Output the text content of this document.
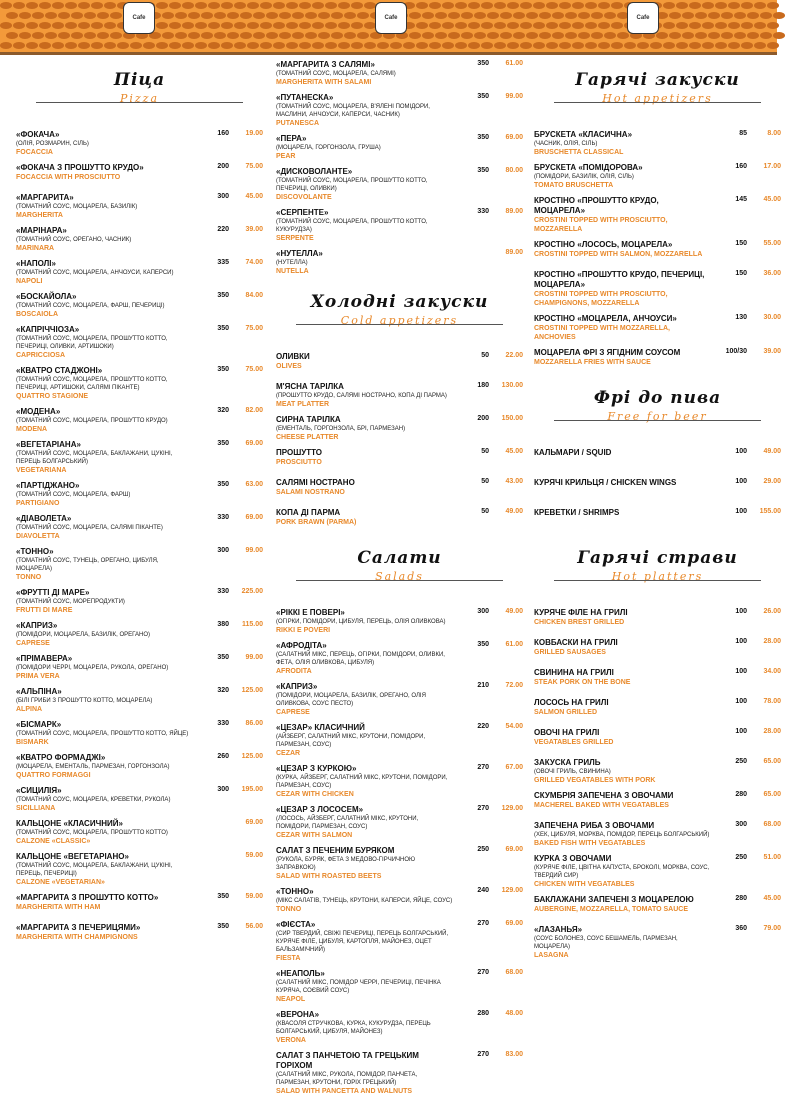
Cafe	Cafe	Cafe
Піца
Pizza
«ФОКАЧА»
(ОЛІЯ, РОЗМАРИН, СІЛЬ)
FOCACCIA
160	19.00
«ФОКАЧА З ПРОШУТТО КРУДО»
FOCACCIA WITH PROSCIUTTO
200	75.00
«МАРГАРИТА»
(ТОМАТНИЙ СОУС, МОЦАРЕЛА, БАЗИЛІК)
MARGHERITA
300	45.00
«МАРІНАРА»
(ТОМАТНИЙ СОУС, ОРЕГАНО, ЧАСНИК)
MARINARA
220	39.00
«НАПОЛІ»
(ТОМАТНИЙ СОУС, МОЦАРЕЛА, АНЧОУСИ, КАПЕРСИ)
NAPOLI
335	74.00
«БОСКАЙОЛА»
(ТОМАТНИЙ СОУС, МОЦАРЕЛА, ФАРШ, ПЕЧЕРИЦІ)
BOSCAIOLA
350	84.00
«КАПРІЧЧІОЗА»
(ТОМАТНИЙ СОУС, МОЦАРЕЛА, ПРОШУТТО КОТТО, ПЕЧЕРИЦІ, ОЛИВКИ, АРТИШОКИ)
CAPRICCIOSA
350	75.00
«КВАТРО СТАДЖОНІ»
(ТОМАТНИЙ СОУС, МОЦАРЕЛА, ПРОШУТТО КОТТО, ПЕЧЕРИЦІ, АРТИШОКИ, САЛЯМІ ПІКАНТЕ)
QUATTRO STAGIONE
350	75.00
«МОДЕНА»
(ТОМАТНИЙ СОУС, МОЦАРЕЛА, ПРОШУТТО КРУДО)
MODENA
320	82.00
«ВЕГЕТАРІАНА»
(ТОМАТНИЙ СОУС, МОЦАРЕЛА, БАКЛАЖАНИ, ЦУКІНІ, ПЕРЕЦЬ БОЛГАРСЬКИЙ)
VEGETARIANA
350	69.00
«ПАРТІДЖАНО»
(ТОМАТНИЙ СОУС, МОЦАРЕЛА, ФАРШ)
PARTIGIANO
350	63.00
«ДІАВОЛЕТА»
(ТОМАТНИЙ СОУС, МОЦАРЕЛА, САЛЯМІ ПІКАНТЕ)
DIAVOLETTA
330	69.00
«ТОННО»
(ТОМАТНИЙ СОУС, ТУНЕЦЬ, ОРЕГАНО, ЦИБУЛЯ, МОЦАРЕЛА)
TONNO
300	99.00
«ФРУТТІ ДІ МАРЕ»
(ТОМАТНИЙ СОУС, МОРЕПРОДУКТИ)
FRUTTI DI MARE
330	225.00
«КАПРИЗ»
(ПОМІДОРИ, МОЦАРЕЛА, БАЗИЛІК, ОРЕГАНО)
CAPRESE
380	115.00
«ПРІМАВЕРА»
(ПОМІДОРИ ЧЕРРІ, МОЦАРЕЛА, РУКОЛА, ОРЕГАНО)
PRIMA VERA
350	99.00
«АЛЬПІНА»
(БІЛІ ГРИБИ З ПРОШУТТО КОТТО, МОЦАРЕЛА)
ALPINA
320	125.00
«БІСМАРК»
(ТОМАТНИЙ СОУС, МОЦАРЕЛА, ПРОШУТТО КОТТО, ЯЙЦЕ)
BISMARK
330	86.00
«КВАТРО ФОРМАДЖІ»
(МОЦАРЕЛА, ЕМЕНТАЛЬ, ПАРМЕЗАН, ГОРГОНЗОЛА)
QUATTRO FORMAGGI
260	125.00
«СИЦИЛІЯ»
(ТОМАТНИЙ СОУС, МОЦАРЕЛА, КРЕВЕТКИ, РУКОЛА)
SICILLIANA
300	195.00
КАЛЬЦОНЕ «КЛАСИЧНИЙ»
(ТОМАТНИЙ СОУС, МОЦАРЕЛА, ПРОШУТТО КОТТО)
CALZONE «CLASSIC»
69.00
КАЛЬЦОНЕ «ВЕГЕТАРІАНО»
(ТОМАТНИЙ СОУС, МОЦАРЕЛА, БАКЛАЖАНИ, ЦУКІНІ, ПЕРЕЦЬ, ПЕЧЕРИЦІ)
CALZONE «VEGETARIAN»
59.00
«МАРГАРИТА З ПРОШУТТО КОТТО»
MARGHERITA WITH HAM
350	59.00
«МАРГАРИТА З ПЕЧЕРИЦЯМИ»
MARGHERITA WITH CHAMPIGNONS
350	56.00
«МАРГАРИТА З САЛЯМІ»
(ТОМАТНИЙ СОУС, МОЦАРЕЛА, САЛЯМІ)
MARGHERITA WITH SALAMI
350	61.00
«ПУТАНЕСКА»
(ТОМАТНИЙ СОУС, МОЦАРЕЛА, В'ЯЛЕНІ ПОМІДОРИ, МАСЛИНИ, АНЧОУСИ, КАПЕРСИ, ЧАСНИК)
PUTANESCA
350	99.00
«ПЕРА»
(МОЦАРЕЛА, ГОРГОНЗОЛА, ГРУША)
PEAR
350	69.00
«ДИСКОВОЛАНТЕ»
(ТОМАТНИЙ СОУС, МОЦАРЕЛА, ПРОШУТТО КОТТО, ПЕЧЕРИЦІ, ОЛИВКИ)
DISCOVOLANTE
350	80.00
«СЕРПЕНТЕ»
(ТОМАТНИЙ СОУС, МОЦАРЕЛА, ПРОШУТТО КОТТО, КУКУРУДЗА)
SERPENTE
330	89.00
«НУТЕЛЛА»
(НУТЕЛЛА)
NUTELLA
89.00
Холодні закуски
Cold appetizers
ОЛИВКИ
OLIVES
50	22.00
М'ЯСНА ТАРІЛКА
(ПРОШУТТО КРУДО, САЛЯМІ НОСТРАНО, КОПА ДІ ПАРМА)
MEAT PLATTER
180	130.00
СИРНА ТАРІЛКА
(ЕМЕНТАЛЬ, ГОРГОНЗОЛА, БРІ, ПАРМЕЗАН)
CHEESE PLATTER
200	150.00
ПРОШУТТО
PROSCIUTTO
50	45.00
САЛЯМІ НОСТРАНО
SALAMI NOSTRANO
50	43.00
КОПА ДІ ПАРМА
PORK BRAWN (PARMA)
50	49.00
Салати
Salads
«РІККІ Е ПОВЕРІ»
(ОГІРКИ, ПОМІДОРИ, ЦИБУЛЯ, ПЕРЕЦЬ, ОЛІЯ ОЛИВКОВА)
RIKKI E POVERI
300	49.00
«АФРОДІТА»
(САЛАТНИЙ МІКС, ПЕРЕЦЬ, ОГІРКИ, ПОМІДОРИ, ОЛИВКИ, ФЕТА, ОЛІЯ ОЛИВКОВА, ЦИБУЛЯ)
AFRODITA
350	61.00
«КАПРИЗ»
(ПОМІДОРИ, МОЦАРЕЛА, БАЗИЛІК, ОРЕГАНО, ОЛІЯ ОЛИВКОВА, СОУС ПЕСТО)
CAPRESE
210	72.00
«ЦЕЗАР» КЛАСИЧНИЙ
(АЙЗБЕРГ, САЛАТНИЙ МІКС, КРУТОНИ, ПОМІДОРИ, ПАРМЕЗАН, СОУС)
CEZAR
220	54.00
«ЦЕЗАР З КУРКОЮ»
(КУРКА, АЙЗБЕРГ, САЛАТНИЙ МІКС, КРУТОНИ, ПОМІДОРИ, ПАРМЕЗАН, СОУС)
CEZAR WITH CHICKEN
270	67.00
«ЦЕЗАР З ЛОСОСЕМ»
(ЛОСОСЬ, АЙЗБЕРГ, САЛАТНИЙ МІКС, КРУТОНИ, ПОМІДОРИ, ПАРМЕЗАН, СОУС)
CEZAR WITH SALMON
270	129.00
САЛАТ З ПЕЧЕНИМ БУРЯКОМ
(РУКОЛА, БУРЯК, ФЕТА З МЕДОВО-ГІРЧИЧНОЮ ЗАПРАВКОЮ)
SALAD WITH ROASTED BEETS
250	69.00
«ТОННО»
(МІКС САЛАТІВ, ТУНЕЦЬ, КРУТОНИ, КАПЕРСИ, ЯЙЦЕ, СОУС)
TONNO
240	129.00
«ФІЄСТА»
(СИР ТВЕРДИЙ, СВІЖІ ПЕЧЕРИЦІ, ПЕРЕЦЬ БОЛГАРСЬКИЙ, КУРЯЧЕ ФІЛЕ, ЦИБУЛЯ, КАРТОПЛЯ, МАЙОНЕЗ, ОЦЕТ БАЛЬЗАМІЧНИЙ)
FIESTA
270	69.00
«НЕАПОЛЬ»
(САЛАТНИЙ МІКС, ПОМІДОР ЧЕРРІ, ПЕЧЕРИЦІ, ПЕЧІНКА КУРЯЧА, СОЄВИЙ СОУС)
NEAPOL
270	68.00
«ВЕРОНА»
(КВАСОЛЯ СТРУЧКОВА, КУРКА, КУКУРУДЗА, ПЕРЕЦЬ БОЛГАРСЬКИЙ, ЦИБУЛЯ, МАЙОНЕЗ)
VERONA
280	48.00
САЛАТ З ПАНЧЕТОЮ ТА ГРЕЦЬКИМ ГОРІХОМ
(САЛАТНИЙ МІКС, РУКОЛА, ПОМІДОР, ПАНЧЕТА, ПАРМЕЗАН, КРУТОНИ, ГОРІХ ГРЕЦЬКИЙ)
SALAD WITH PANCETTA AND WALNUTS
270	83.00
Гарячі закуски
Hot appetizers
БРУСКЕТА «КЛАСИЧНА»
(ЧАСНИК, ОЛІЯ, СІЛЬ)
BRUSCHETTA CLASSICAL
85	8.00
БРУСКЕТА «ПОМІДОРОВА»
(ПОМІДОРИ, БАЗИЛІК, ОЛІЯ, СІЛЬ)
TOMATO BRUSCHETTA
160	17.00
КРОСТІНО «ПРОШУТТО КРУДО, МОЦАРЕЛА»
CROSTINI TOPPED WITH PROSCIUTTO, MOZZARELLA
145	45.00
КРОСТІНО «ЛОСОСЬ, МОЦАРЕЛА»
CROSTINI TOPPED WITH SALMON, MOZZARELLA
150	55.00
КРОСТІНО «ПРОШУТТО КРУДО, ПЕЧЕРИЦІ, МОЦАРЕЛА»
CROSTINI TOPPED WITH PROSCIUTTO, CHAMPIGNONS, MOZZARELLA
150	36.00
КРОСТІНО «МОЦАРЕЛА, АНЧОУСИ»
CROSTINI TOPPED WITH MOZZARELLA, ANCHOVIES
130	30.00
МОЦАРЕЛА ФРІ З ЯГІДНИМ СОУСОМ
MOZZARELLA FRIES WITH SAUCE
100/30	39.00
Фрі до пива
Free for beer
КАЛЬМАРИ / SQUID	100	49.00
КУРЯЧІ КРИЛЬЦЯ / CHICKEN WINGS	100	29.00
КРЕВЕТКИ / SHRIMPS	100	155.00
Гарячі страви
Hot platters
КУРЯЧЕ ФІЛЕ НА ГРИЛІ
CHICKEN BREST GRILLED
100	26.00
КОВБАСКИ НА ГРИЛІ
GRILLED SAUSAGES
100	28.00
СВИНИНА НА ГРИЛІ
STEAK PORK ON THE BONE
100	34.00
ЛОСОСЬ НА ГРИЛІ
SALMON GRILLED
100	78.00
ОВОЧІ НА ГРИЛІ
VEGATABLES GRILLED
100	28.00
ЗАКУСКА ГРИЛЬ
(ОВОЧІ ГРИЛЬ, СВИНИНА)
GRILLED VEGATABLES WITH PORK
250	65.00
СКУМБРІЯ ЗАПЕЧЕНА З ОВОЧАМИ
MACHEREL BAKED WITH VEGATABLES
280	65.00
ЗАПЕЧЕНА РИБА З ОВОЧАМИ
(ХЕК, ЦИБУЛЯ, МОРКВА, ПОМІДОР, ПЕРЕЦЬ БОЛГАРСЬКИЙ)
BAKED FISH WITH VEGATABLES
300	68.00
КУРКА З ОВОЧАМИ
(КУРЯЧЕ ФІЛЕ, ЦВІТНА КАПУСТА, БРОКОЛІ, МОРКВА, СОУС, ТВЕРДИЙ СИР)
CHICKEN WITH VEGATABLES
250	51.00
БАКЛАЖАНИ ЗАПЕЧЕНІ З МОЦАРЕЛОЮ
AUBERGINE, MOZZARELLA, TOMATO SAUCE
280	45.00
«ЛАЗАНЬЯ»
(СОУС БОЛОНЕЗ, СОУС БЕШАМЕЛЬ, ПАРМЕЗАН, МОЦАРЕЛА)
LASAGNA
360	79.00
